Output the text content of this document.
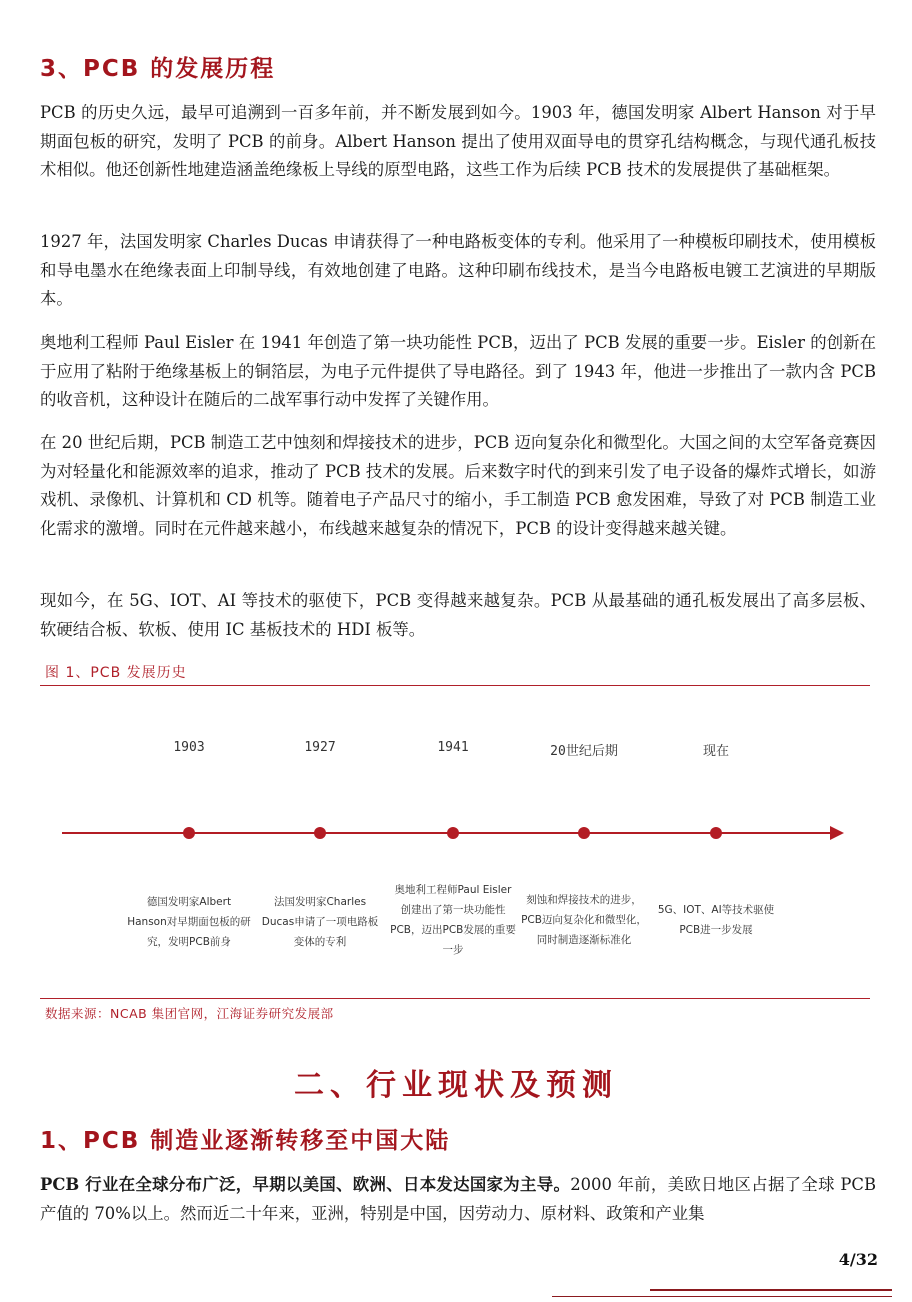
3、PCB 的发展历程

PCB 的历史久远，最早可追溯到一百多年前，并不断发展到如今。1903 年，德国发明家 Albert Hanson 对于早期面包板的研究，发明了 PCB 的前身。Albert Hanson 提出了使用双面导电的贯穿孔结构概念，与现代通孔板技术相似。他还创新性地建造涵盖绝缘板上导线的原型电路，这些工作为后续 PCB 技术的发展提供了基础框架。

1927 年，法国发明家 Charles Ducas 申请获得了一种电路板变体的专利。他采用了一种模板印刷技术，使用模板和导电墨水在绝缘表面上印制导线，有效地创建了电路。这种印刷布线技术，是当今电路板电镀工艺演进的早期版本。

奥地利工程师 Paul Eisler 在 1941 年创造了第一块功能性 PCB，迈出了 PCB 发展的重要一步。Eisler 的创新在于应用了粘附于绝缘基板上的铜箔层，为电子元件提供了导电路径。到了 1943 年，他进一步推出了一款内含 PCB 的收音机，这种设计在随后的二战军事行动中发挥了关键作用。

在 20 世纪后期，PCB 制造工艺中蚀刻和焊接技术的进步，PCB 迈向复杂化和微型化。大国之间的太空军备竞赛因为对轻量化和能源效率的追求，推动了 PCB 技术的发展。后来数字时代的到来引发了电子设备的爆炸式增长，如游戏机、录像机、计算机和 CD 机等。随着电子产品尺寸的缩小，手工制造 PCB 愈发困难，导致了对 PCB 制造工业化需求的激增。同时在元件越来越小，布线越来越复杂的情况下，PCB 的设计变得越来越关键。

现如今，在 5G、IOT、AI 等技术的驱使下，PCB 变得越来越复杂。PCB 从最基础的通孔板发展出了高多层板、软硬结合板、软板、使用 IC 基板技术的 HDI 板等。

图 1、PCB 发展历史
1903	1927	1941	20世纪后期	现在
德国发明家Albert Hanson对早期面包板的研究，发明PCB前身
法国发明家Charles Ducas申请了一项电路板变体的专利
奥地利工程师Paul Eisler创建出了第一块功能性PCB，迈出PCB发展的重要一步
刻蚀和焊接技术的进步，PCB迈向复杂化和微型化，同时制造逐渐标准化
5G、IOT、AI等技术驱使PCB进一步发展
数据来源：NCAB 集团官网，江海证券研究发展部
二、行业现状及预测
1、PCB 制造业逐渐转移至中国大陆

PCB 行业在全球分布广泛，早期以美国、欧洲、日本发达国家为主导。2000 年前，美欧日地区占据了全球 PCB 产值的 70%以上。然而近二十年来，亚洲，特别是中国，因劳动力、原材料、政策和产业集

4/32
